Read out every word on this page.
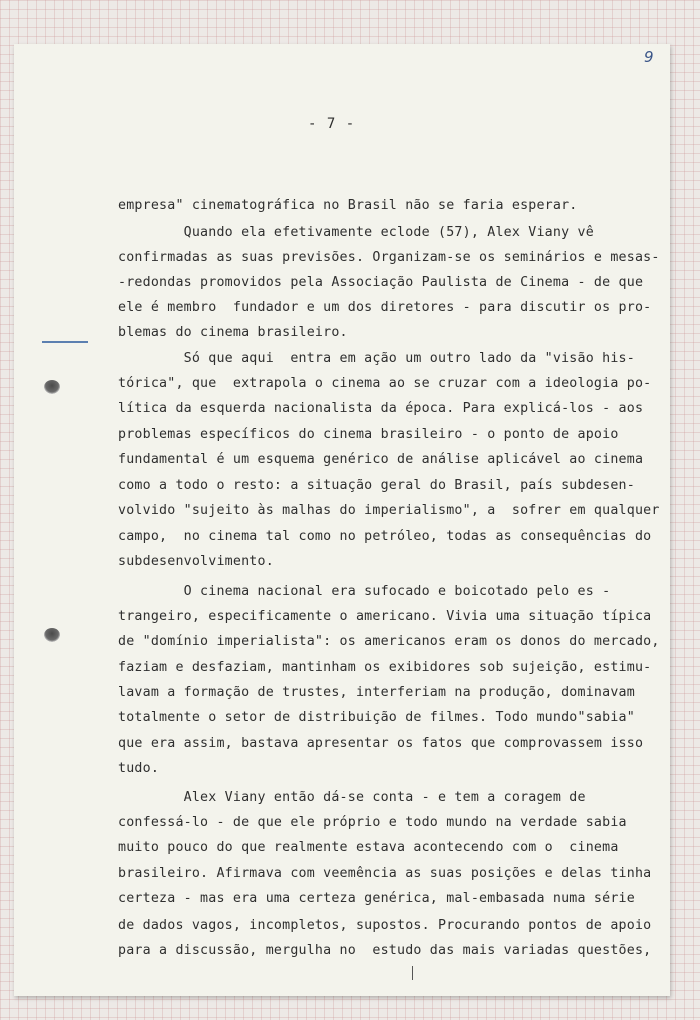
9
- 7 -

empresa" cinematográfica no Brasil não se faria esperar.

Quando ela efetivamente eclode (57), Alex Viany vê

confirmadas as suas previsões. Organizam-se os seminários e mesas-

-redondas promovidos pela Associação Paulista de Cinema - de que

ele é membro  fundador e um dos diretores - para discutir os pro-

blemas do cinema brasileiro.

Só que aqui  entra em ação um outro lado da "visão his-

tórica", que  extrapola o cinema ao se cruzar com a ideologia po-

lítica da esquerda nacionalista da época. Para explicá-los - aos

problemas específicos do cinema brasileiro - o ponto de apoio

fundamental é um esquema genérico de análise aplicável ao cinema

como a todo o resto: a situação geral do Brasil, país subdesen-

volvido "sujeito às malhas do imperialismo", a  sofrer em qualquer

campo,  no cinema tal como no petróleo, todas as consequências do

subdesenvolvimento.

O cinema nacional era sufocado e boicotado pelo es -

trangeiro, especificamente o americano. Vivia uma situação típica

de "domínio imperialista": os americanos eram os donos do mercado,

faziam e desfaziam, mantinham os exibidores sob sujeição, estimu-

lavam a formação de trustes, interferiam na produção, dominavam

totalmente o setor de distribuição de filmes. Todo mundo"sabia"

que era assim, bastava apresentar os fatos que comprovassem isso

tudo.

Alex Viany então dá-se conta - e tem a coragem de

confessá-lo - de que ele próprio e todo mundo na verdade sabia

muito pouco do que realmente estava acontecendo com o  cinema

brasileiro. Afirmava com veemência as suas posições e delas tinha

certeza - mas era uma certeza genérica, mal-embasada numa série

de dados vagos, incompletos, supostos. Procurando pontos de apoio

para a discussão, mergulha no  estudo das mais variadas questões,
